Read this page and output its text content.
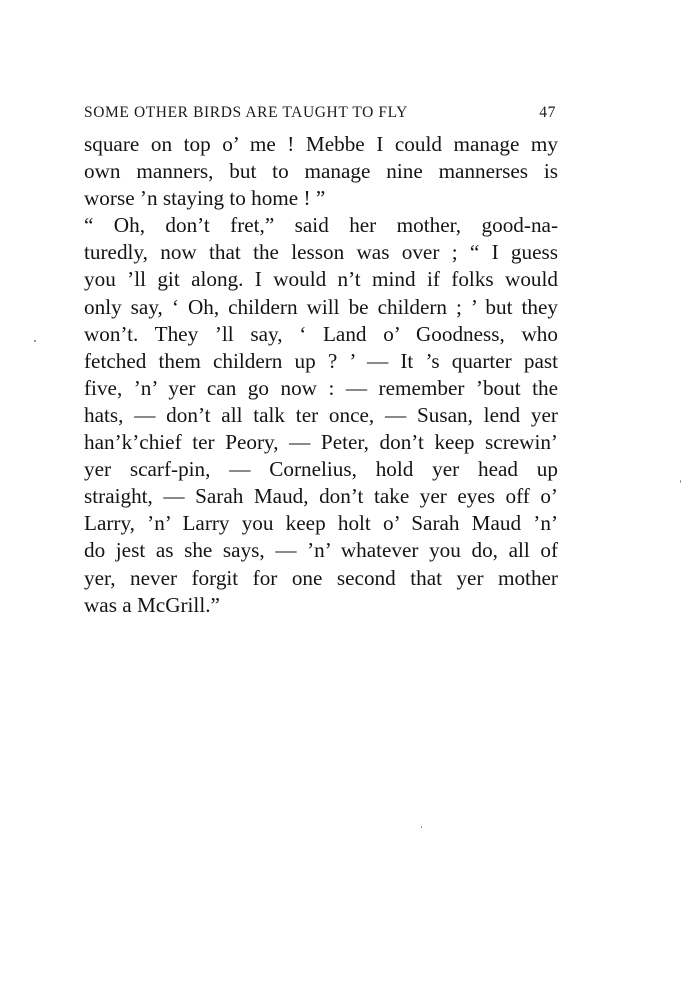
SOME OTHER BIRDS ARE TAUGHT TO FLY	47
square on top o’ me ! Mebbe I could manage my
own manners, but to manage nine mannerses is
worse ’n staying to home ! ”
“ Oh, don’t fret,” said her mother, good-na-
turedly, now that the lesson was over ; “ I guess
you ’ll git along. I would n’t mind if folks would
only say, ‘ Oh, childern will be childern ; ’ but they
won’t. They ’ll say, ‘ Land o’ Goodness, who
fetched them childern up ? ’ — It ’s quarter past
five, ’n’ yer can go now : — remember ’bout the
hats, — don’t all talk ter once, — Susan, lend yer
han’k’chief ter Peory, — Peter, don’t keep screwin’
yer scarf-pin, — Cornelius, hold yer head up
straight, — Sarah Maud, don’t take yer eyes off o’
Larry, ’n’ Larry you keep holt o’ Sarah Maud ’n’
do jest as she says, — ’n’ whatever you do, all of
yer, never forgit for one second that yer mother
was a McGrill.”
